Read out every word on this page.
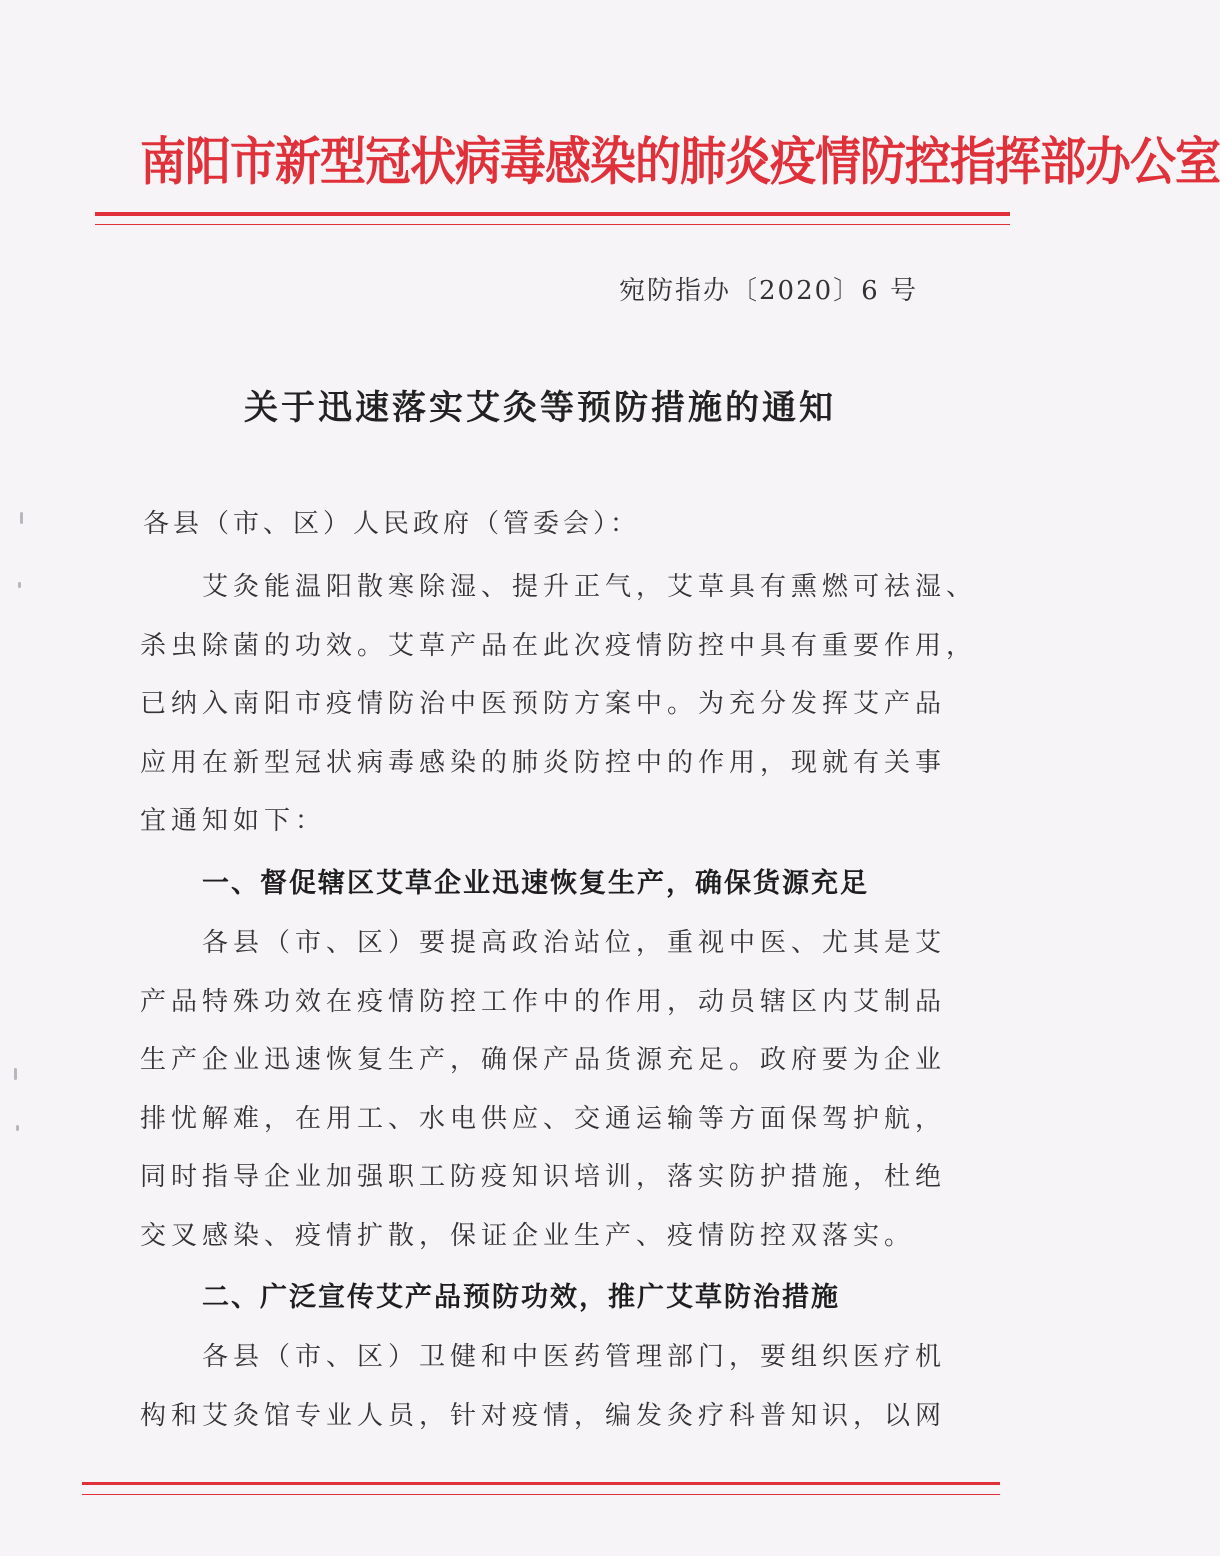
南阳市新型冠状病毒感染的肺炎疫情防控指挥部办公室
宛防指办〔2020〕6 号
关于迅速落实艾灸等预防措施的通知
各县（市、区）人民政府（管委会）：
艾灸能温阳散寒除湿、提升正气，艾草具有熏燃可祛湿、
杀虫除菌的功效。艾草产品在此次疫情防控中具有重要作用，
已纳入南阳市疫情防治中医预防方案中。为充分发挥艾产品
应用在新型冠状病毒感染的肺炎防控中的作用，现就有关事
宜通知如下：
一、督促辖区艾草企业迅速恢复生产，确保货源充足
各县（市、区）要提高政治站位，重视中医、尤其是艾
产品特殊功效在疫情防控工作中的作用，动员辖区内艾制品
生产企业迅速恢复生产，确保产品货源充足。政府要为企业
排忧解难，在用工、水电供应、交通运输等方面保驾护航，
同时指导企业加强职工防疫知识培训，落实防护措施，杜绝
交叉感染、疫情扩散，保证企业生产、疫情防控双落实。
二、广泛宣传艾产品预防功效，推广艾草防治措施
各县（市、区）卫健和中医药管理部门，要组织医疗机
构和艾灸馆专业人员，针对疫情，编发灸疗科普知识，以网
